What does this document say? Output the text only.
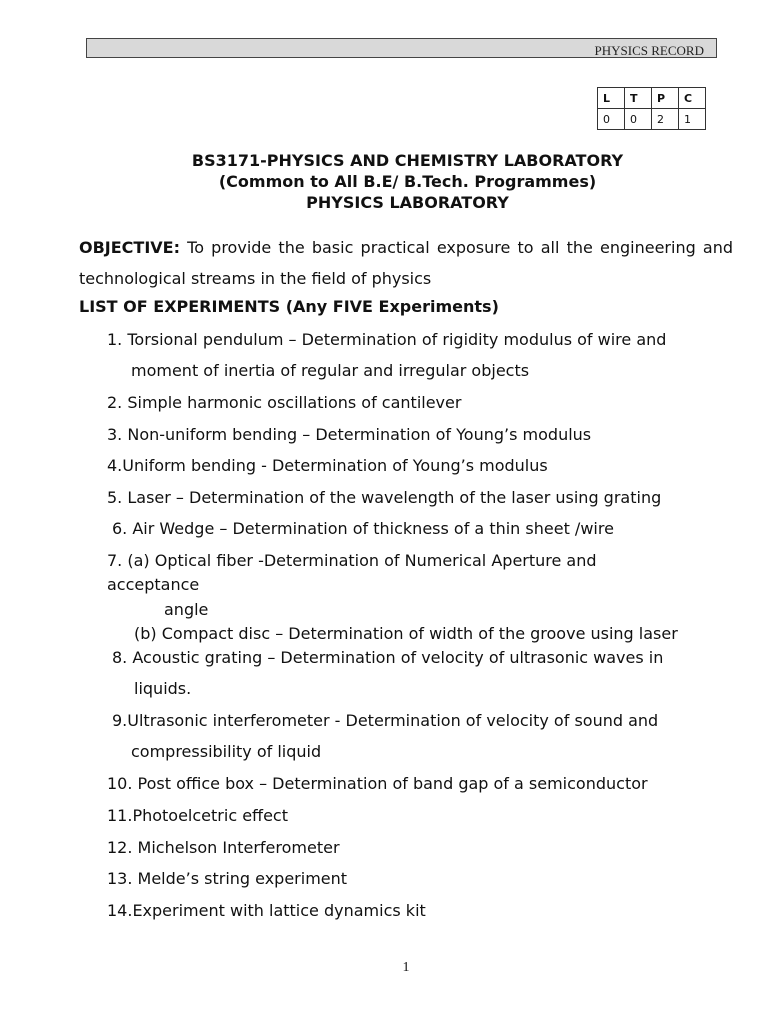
PHYSICS RECORD
L	T	P	C
0	0	2	1
BS3171-PHYSICS AND CHEMISTRY LABORATORY
(Common to All B.E/ B.Tech. Programmes)
PHYSICS LABORATORY
OBJECTIVE: To provide the basic practical exposure to all the engineering and technological streams in the field of physics
LIST OF EXPERIMENTS (Any FIVE Experiments)
1. Torsional pendulum – Determination of rigidity modulus of wire and
moment of inertia of regular and irregular objects
2. Simple harmonic oscillations of cantilever
3. Non-uniform bending – Determination of Young’s modulus
4.Uniform bending - Determination of Young’s modulus
5. Laser – Determination of the wavelength of the laser using grating
6. Air Wedge – Determination of thickness of a thin sheet /wire
7. (a) Optical fiber -Determination of Numerical Aperture and
acceptance
angle
(b) Compact disc – Determination of width of the groove using laser
8. Acoustic grating – Determination of velocity of ultrasonic waves in
liquids.
9.Ultrasonic interferometer - Determination of velocity of sound and
compressibility of liquid
10. Post office box – Determination of band gap of a semiconductor
11.Photoelcetric effect
12. Michelson Interferometer
13. Melde’s string experiment
14.Experiment with lattice dynamics kit
1
